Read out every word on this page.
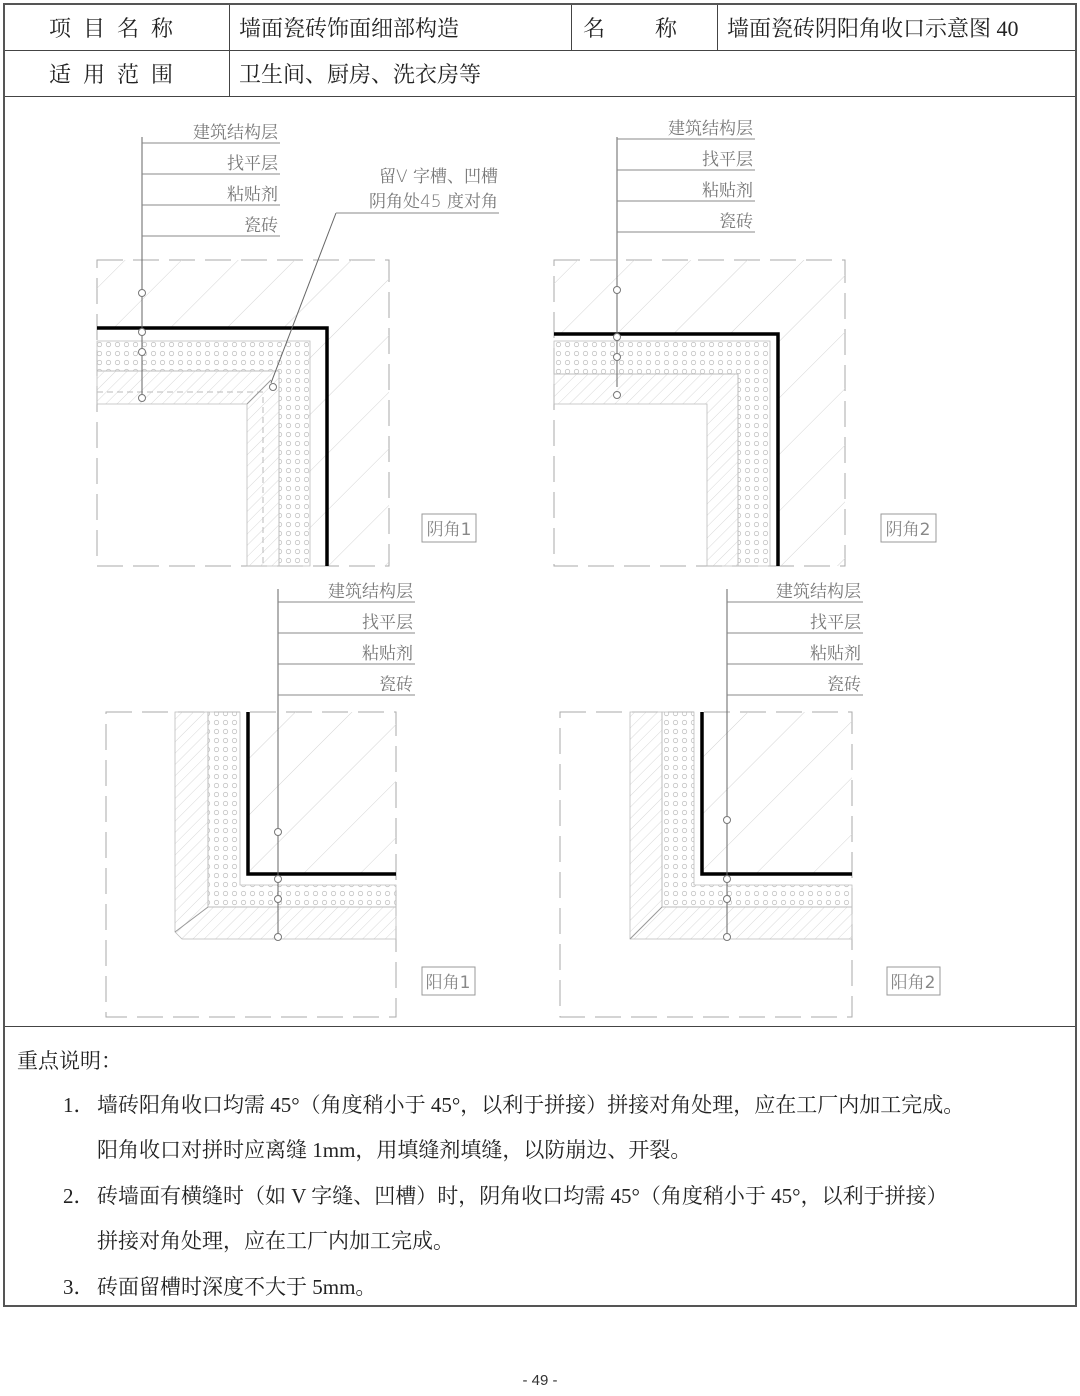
项目名称	墙面瓷砖饰面细部构造	名 称 墙面瓷砖阴阳角收口示意图 40
适用范围	卫生间、厨房、洗衣房等
建筑结构层
找平层
粘贴剂
瓷砖
留V 字槽、凹槽
阴角处45 度对角
阴角1
建筑结构层
找平层
粘贴剂
瓷砖
阴角2
建筑结构层
找平层
粘贴剂
瓷砖
阳角1
建筑结构层
找平层
粘贴剂
瓷砖
阳角2
重点说明：
1． 墙砖阳角收口均需 45°（角度稍小于 45°，以利于拼接）拼接对角处理，应在工厂内加工完成。
阳角收口对拼时应离缝 1mm，用填缝剂填缝，以防崩边、开裂。
2． 砖墙面有横缝时（如 V 字缝、凹槽）时，阴角收口均需 45°（角度稍小于 45°，以利于拼接）
拼接对角处理，应在工厂内加工完成。
3． 砖面留槽时深度不大于 5mm。
- 49 -
